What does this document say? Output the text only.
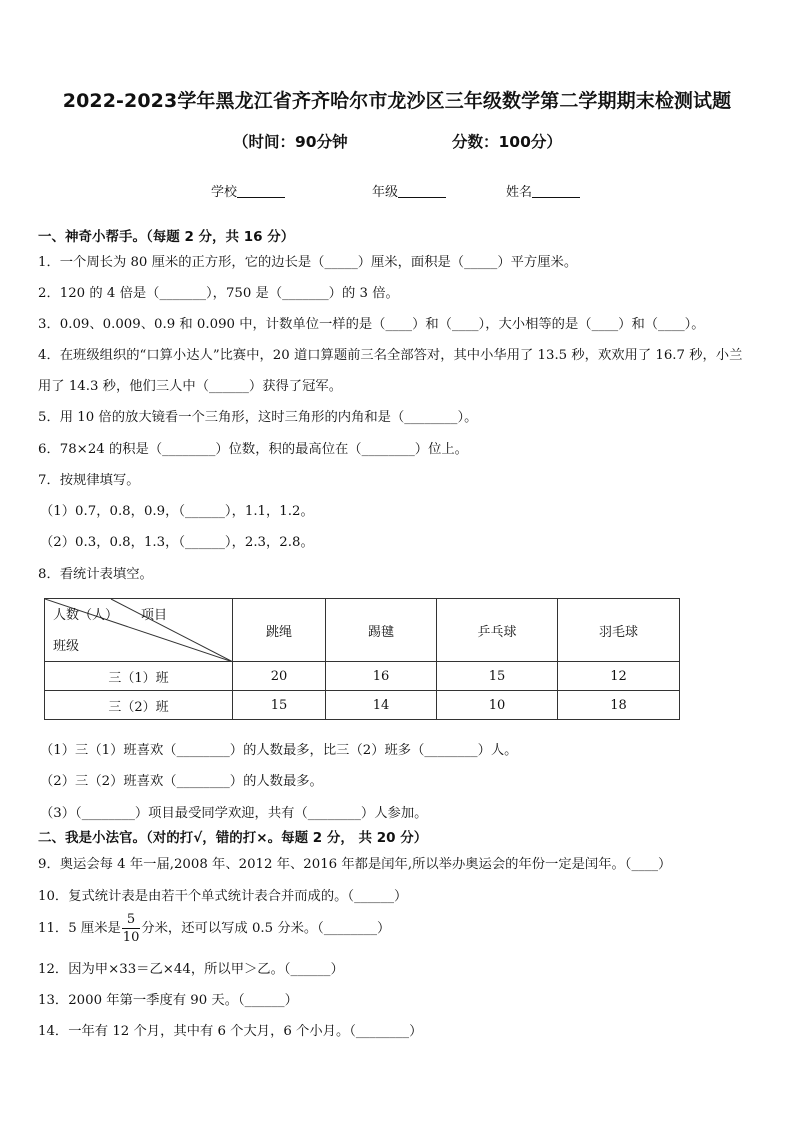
2022-2023学年黑龙江省齐齐哈尔市龙沙区三年级数学第二学期期末检测试题
（时间：90分钟	分数：100分）
学校	年级	姓名
一、神奇小帮手。（每题 2 分，共 16 分）
1．一个周长为 80 厘米的正方形，它的边长是（_____）厘米，面积是（_____）平方厘米。
2．120 的 4 倍是（_______），750 是（_______）的 3 倍。
3．0.09、0.009、0.9 和 0.090 中，计数单位一样的是（____）和（____），大小相等的是（____）和（____）。
4．在班级组织的“口算小达人”比赛中，20 道口算题前三名全部答对，其中小华用了 13.5 秒，欢欢用了 16.7 秒，小兰
用了 14.3 秒，他们三人中（______）获得了冠军。
5．用 10 倍的放大镜看一个三角形，这时三角形的内角和是（________）。
6．78×24 的积是（________）位数，积的最高位在（________）位上。
7．按规律填写。
（1）0.7，0.8，0.9，（______），1.1，1.2。
（2）0.3，0.8，1.3，（______），2.3，2.8。
8．看统计表填空。
人数（人） 项目
班级	跳绳	踢毽	乒乓球	羽毛球
三（1）班	20	16	15	12
三（2）班	15	14	10	18
（1）三（1）班喜欢（________）的人数最多，比三（2）班多（________）人。
（2）三（2）班喜欢（________）的人数最多。
（3）（________）项目最受同学欢迎，共有（________）人参加。
二、我是小法官。（对的打√，错的打×。每题 2 分， 共 20 分）
9．奥运会每 4 年一届,2008 年、2012 年、2016 年都是闰年,所以举办奥运会的年份一定是闰年。（____）
10．复式统计表是由若干个单式统计表合并而成的。（______）
11．5 厘米是 $\frac{5}{10}$ 分米，还可以写成 0.5 分米。（________）
12．因为甲×33＝乙×44，所以甲＞乙。（______）
13．2000 年第一季度有 90 天。（______）
14．一年有 12 个月，其中有 6 个大月，6 个小月。（________）
